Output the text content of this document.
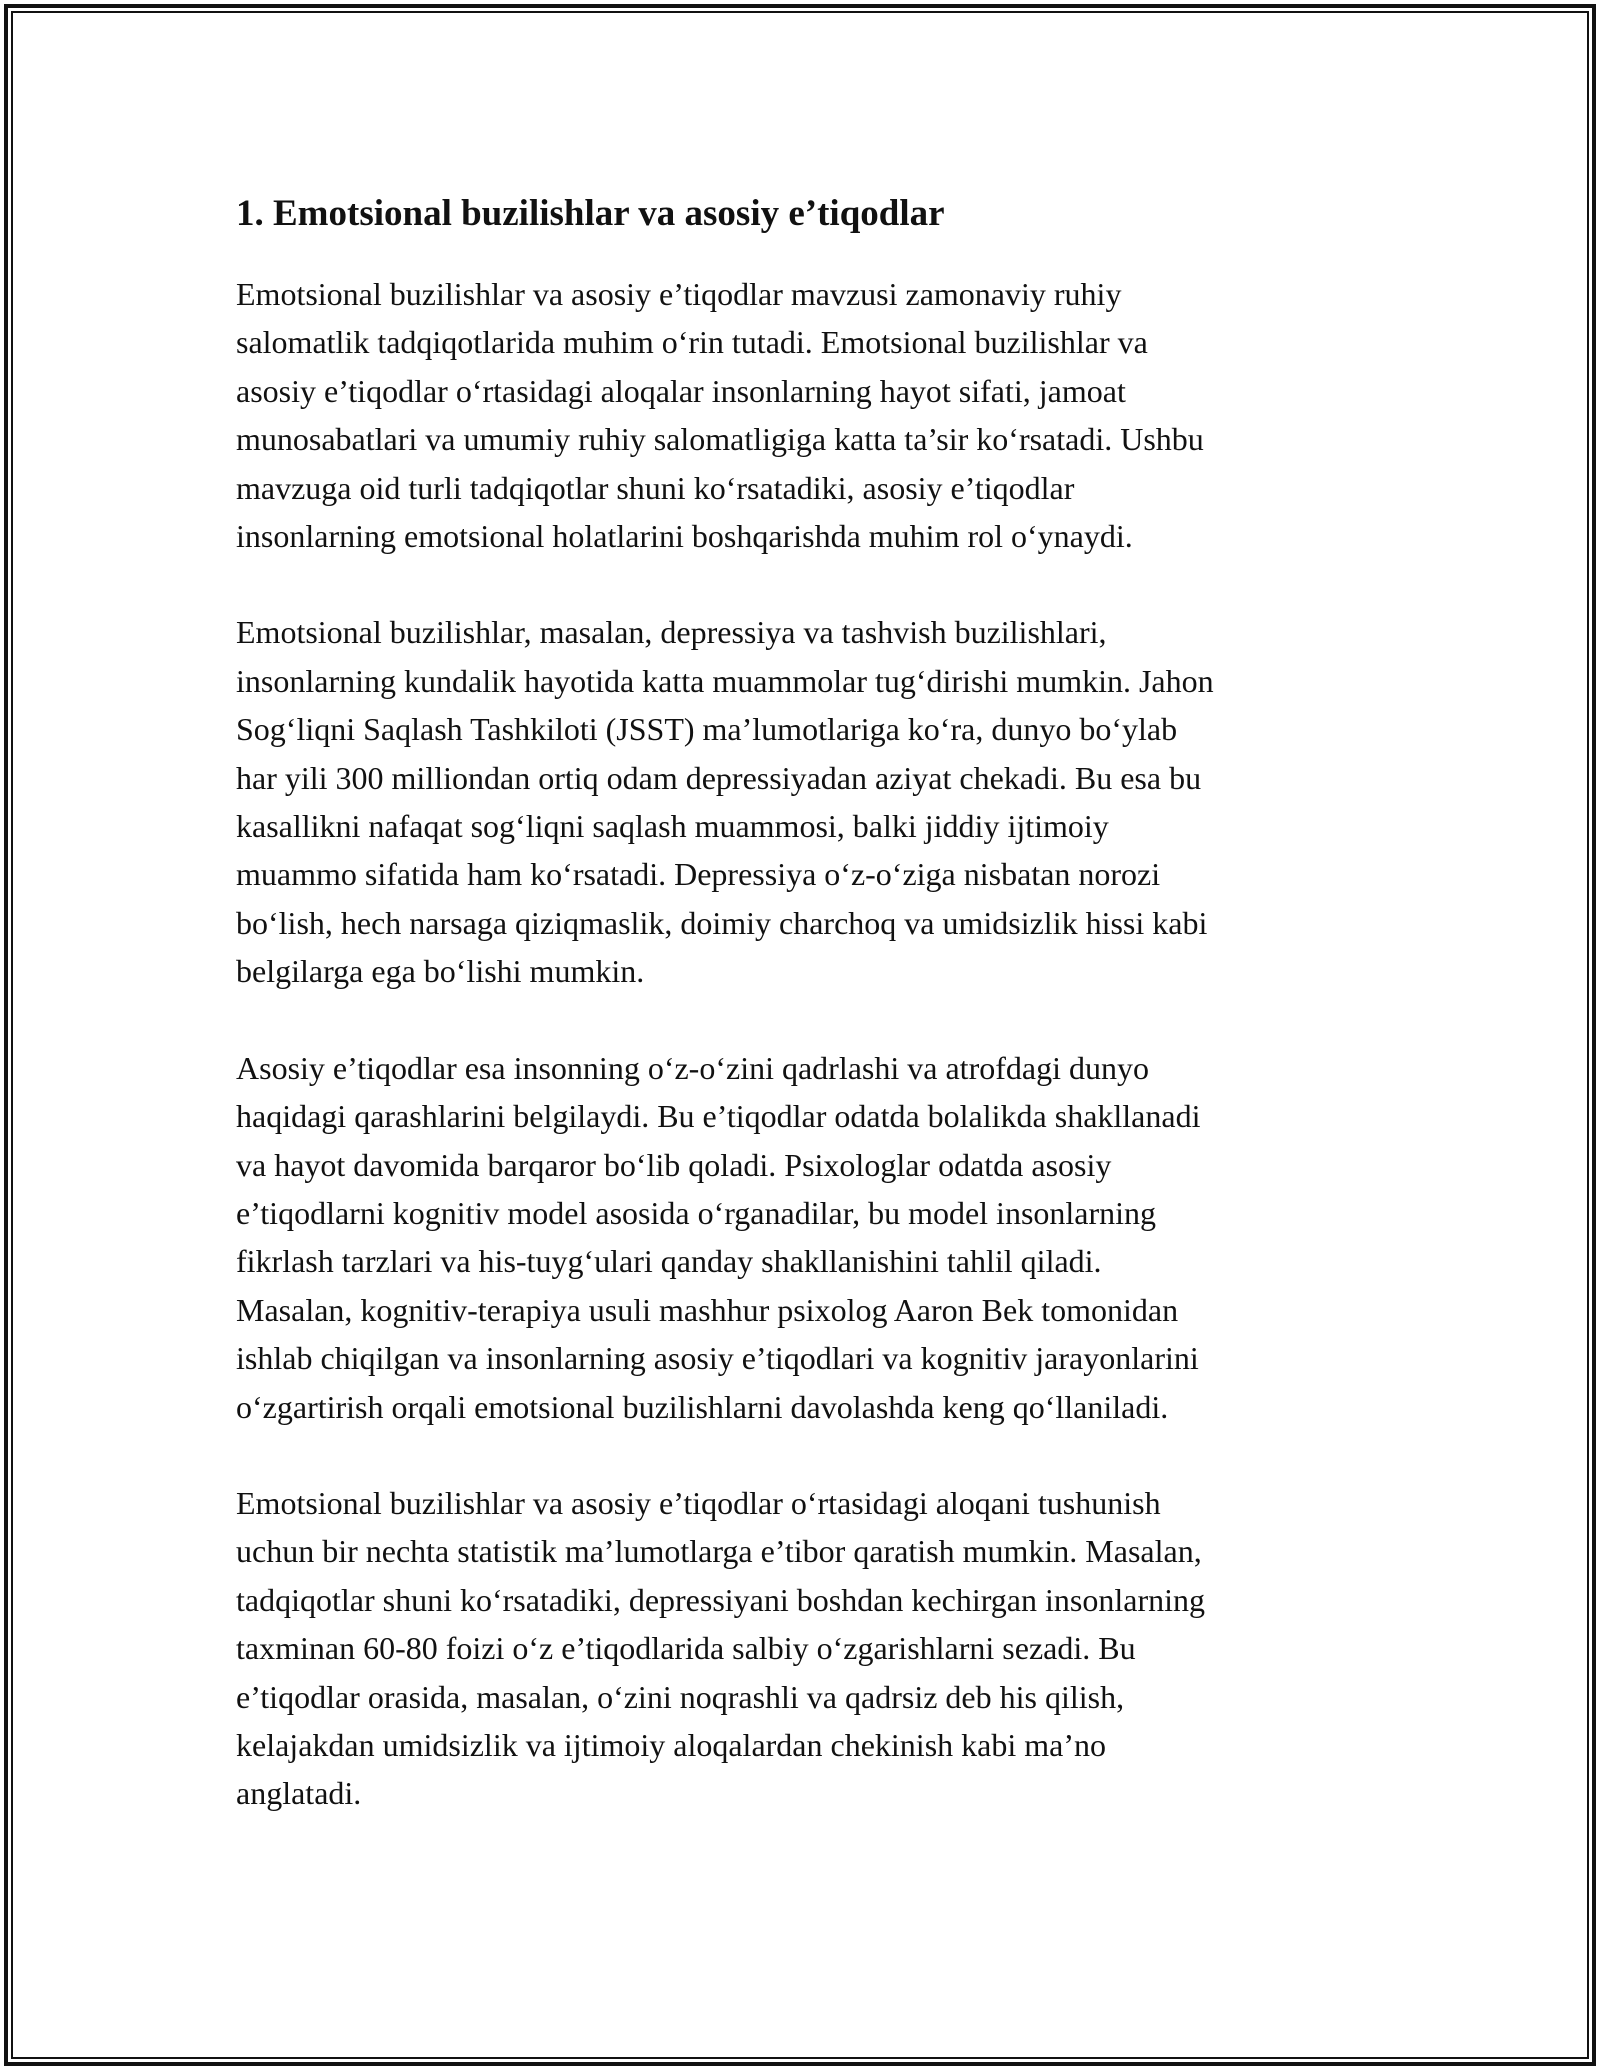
1. Emotsional buzilishlar va asosiy e’tiqodlar

Emotsional buzilishlar va asosiy e’tiqodlar mavzusi zamonaviy ruhiy
salomatlik tadqiqotlarida muhim o‘rin tutadi. Emotsional buzilishlar va
asosiy e’tiqodlar o‘rtasidagi aloqalar insonlarning hayot sifati, jamoat
munosabatlari va umumiy ruhiy salomatligiga katta ta’sir ko‘rsatadi. Ushbu
mavzuga oid turli tadqiqotlar shuni ko‘rsatadiki, asosiy e’tiqodlar
insonlarning emotsional holatlarini boshqarishda muhim rol o‘ynaydi.

Emotsional buzilishlar, masalan, depressiya va tashvish buzilishlari,
insonlarning kundalik hayotida katta muammolar tug‘dirishi mumkin. Jahon
Sog‘liqni Saqlash Tashkiloti (JSST) ma’lumotlariga ko‘ra, dunyo bo‘ylab
har yili 300 milliondan ortiq odam depressiyadan aziyat chekadi. Bu esa bu
kasallikni nafaqat sog‘liqni saqlash muammosi, balki jiddiy ijtimoiy
muammo sifatida ham ko‘rsatadi. Depressiya o‘z-o‘ziga nisbatan norozi
bo‘lish, hech narsaga qiziqmaslik, doimiy charchoq va umidsizlik hissi kabi
belgilarga ega bo‘lishi mumkin.

Asosiy e’tiqodlar esa insonning o‘z-o‘zini qadrlashi va atrofdagi dunyo
haqidagi qarashlarini belgilaydi. Bu e’tiqodlar odatda bolalikda shakllanadi
va hayot davomida barqaror bo‘lib qoladi. Psixologlar odatda asosiy
e’tiqodlarni kognitiv model asosida o‘rganadilar, bu model insonlarning
fikrlash tarzlari va his-tuyg‘ulari qanday shakllanishini tahlil qiladi.
Masalan, kognitiv-terapiya usuli mashhur psixolog Aaron Bek tomonidan
ishlab chiqilgan va insonlarning asosiy e’tiqodlari va kognitiv jarayonlarini
o‘zgartirish orqali emotsional buzilishlarni davolashda keng qo‘llaniladi.

Emotsional buzilishlar va asosiy e’tiqodlar o‘rtasidagi aloqani tushunish
uchun bir nechta statistik ma’lumotlarga e’tibor qaratish mumkin. Masalan,
tadqiqotlar shuni ko‘rsatadiki, depressiyani boshdan kechirgan insonlarning
taxminan 60-80 foizi o‘z e’tiqodlarida salbiy o‘zgarishlarni sezadi. Bu
e’tiqodlar orasida, masalan, o‘zini noqrashli va qadrsiz deb his qilish,
kelajakdan umidsizlik va ijtimoiy aloqalardan chekinish kabi ma’no
anglatadi.
